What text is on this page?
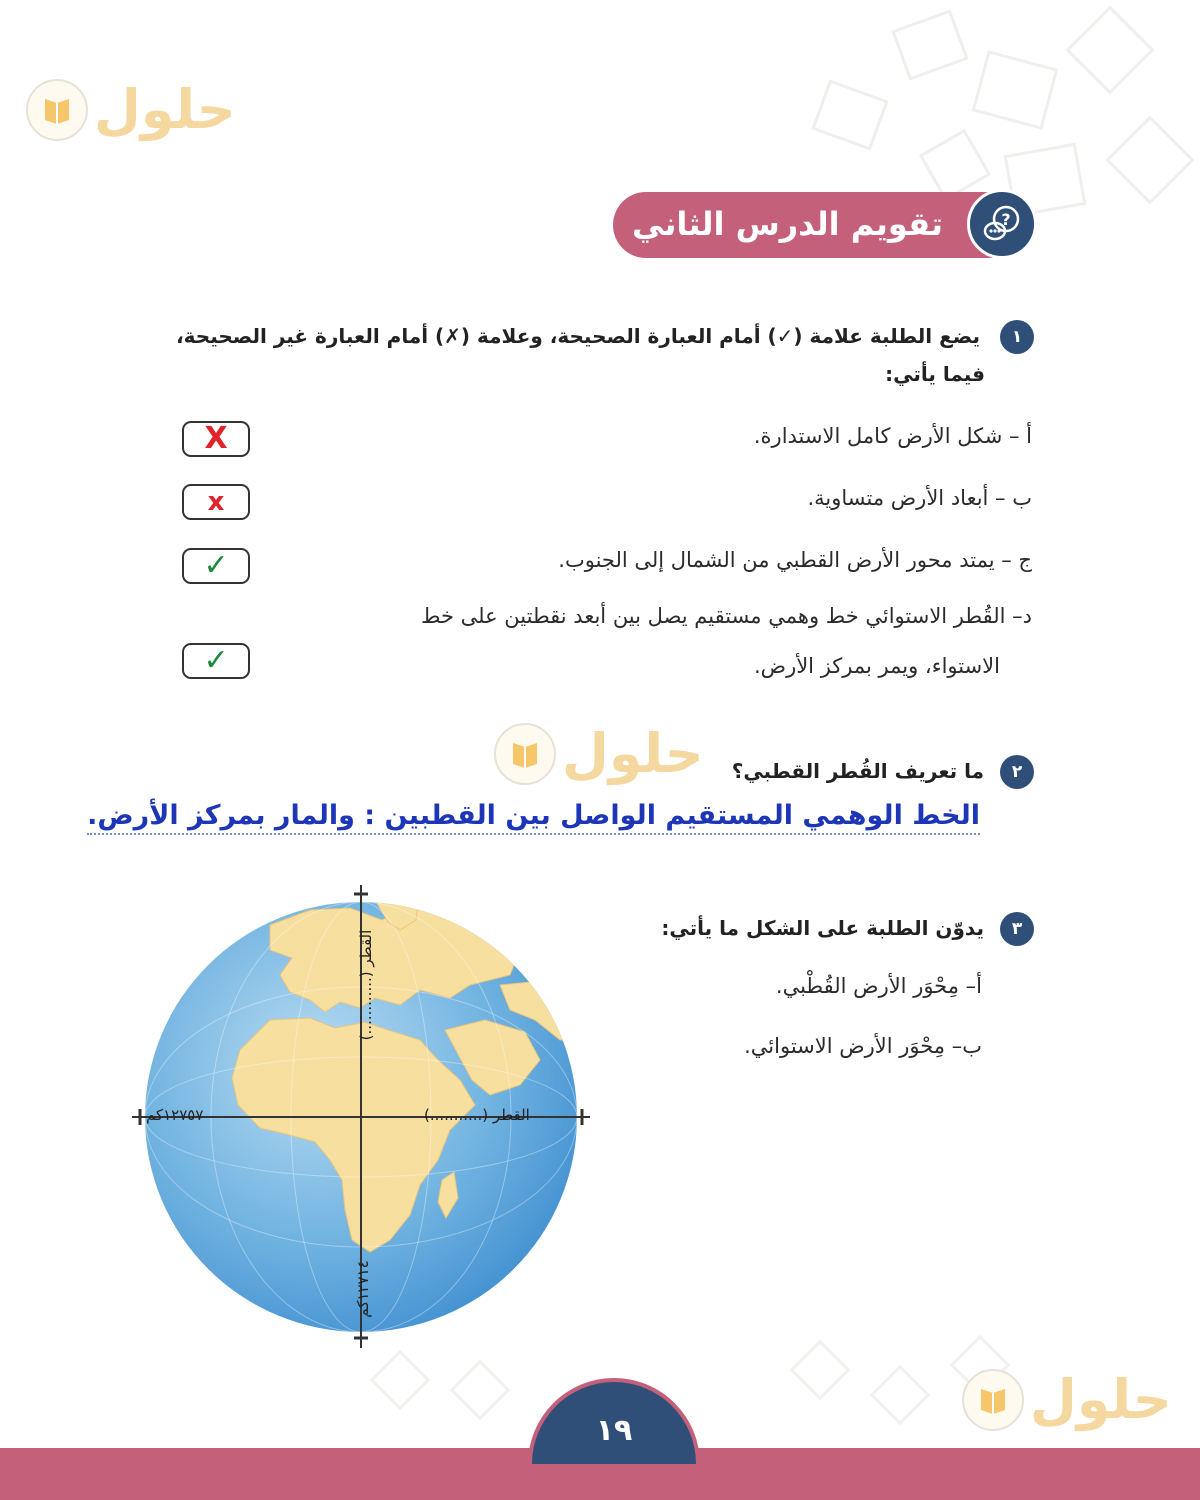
حلول
حلول
حلول
تقويم الدرس الثاني	?
١
يضع الطلبة علامة (✓) أمام العبارة الصحيحة، وعلامة (✗) أمام العبارة غير الصحيحة،
فيما يأتي:
أ – شكل الأرض كامل الاستدارة.
X
ب – أبعاد الأرض متساوية.
x
ج – يمتد محور الأرض القطبي من الشمال إلى الجنوب.
✓
د– القُطر الاستوائي خط وهمي مستقيم يصل بين أبعد نقطتين على خط
الاستواء، ويمر بمركز الأرض.
✓
٢
ما تعريف القُطر القطبي؟
الخط الوهمي المستقيم الواصل بين القطبين : والمار بمركز الأرض.
٣
يدوّن الطلبة على الشكل ما يأتي:
أ– مِحْوَر الأرض القُطْبي.
ب– مِحْوَر الأرض الاستوائي.
القطر (...........)
١٢٧٥٧كم
القطر (............)
١٢٧١٤كم
١٩
